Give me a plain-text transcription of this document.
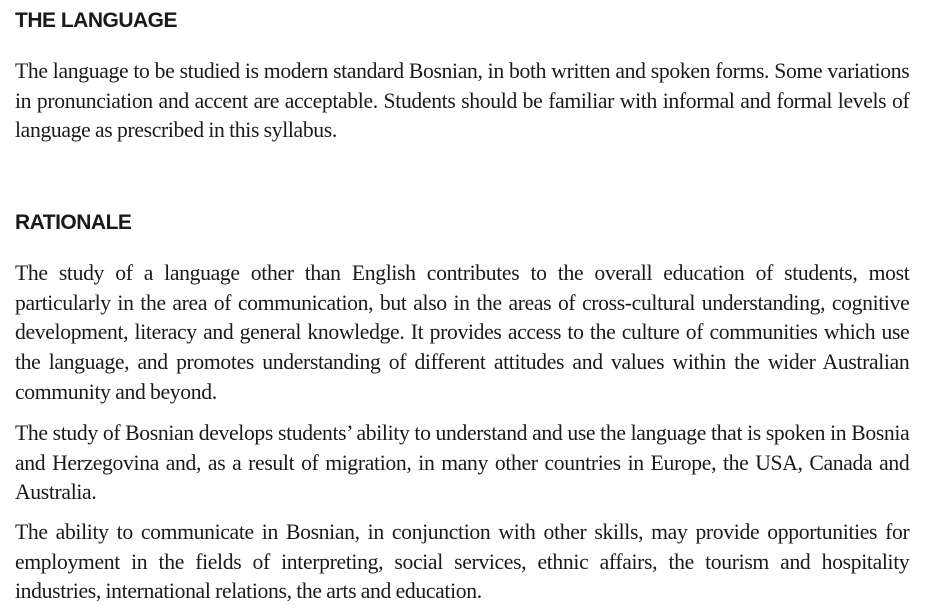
THE LANGUAGE

The language to be studied is modern standard Bosnian, in both written and spoken forms. Some variations in pronunciation and accent are acceptable. Students should be familiar with informal and formal levels of language as prescribed in this syllabus.

RATIONALE

The study of a language other than English contributes to the overall education of students, most particularly in the area of communication, but also in the areas of cross-cultural understanding, cognitive development, literacy and general knowledge. It provides access to the culture of communities which use the language, and promotes understanding of different attitudes and values within the wider Australian community and beyond.

The study of Bosnian develops students’ ability to understand and use the language that is spoken in Bosnia and Herzegovina and, as a result of migration, in many other countries in Europe, the USA, Canada and Australia.

The ability to communicate in Bosnian, in conjunction with other skills, may provide opportunities for employment in the fields of interpreting, social services, ethnic affairs, the tourism and hospitality industries, international relations, the arts and education.
